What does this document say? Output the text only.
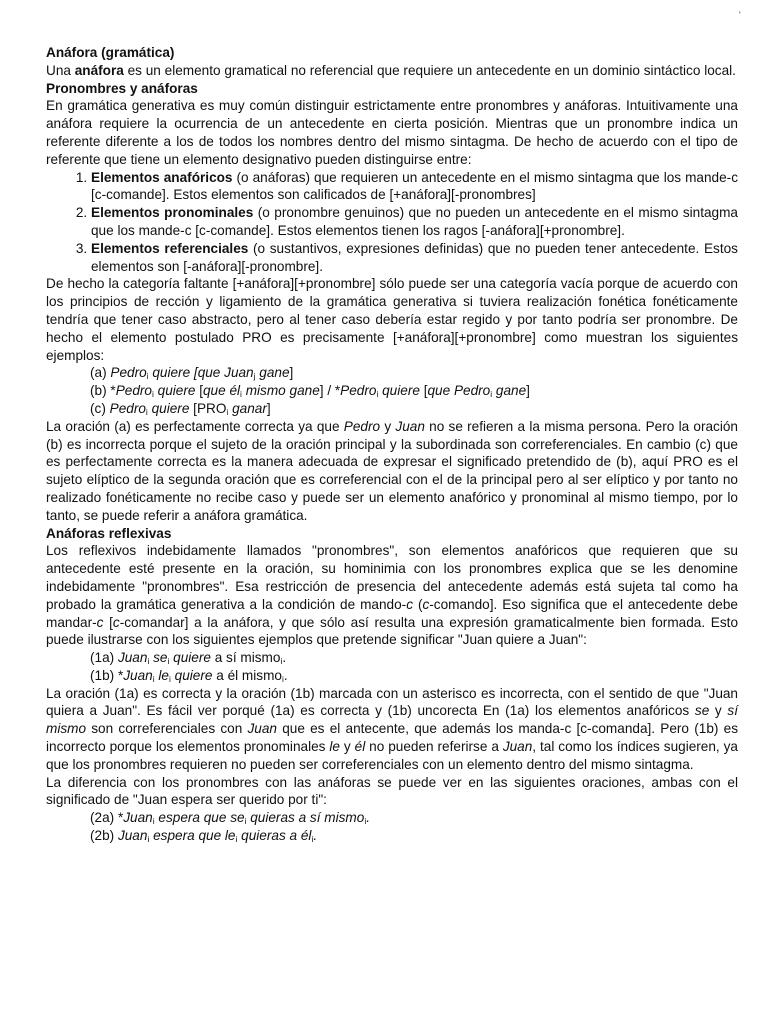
'
Anáfora (gramática)

Una anáfora es un elemento gramatical no referencial que requiere un antecedente en un dominio sintáctico local.

Pronombres y anáforas

En gramática generativa es muy común distinguir estrictamente entre pronombres y anáforas. Intuitivamente una anáfora requiere la ocurrencia de un antecedente en cierta posición. Mientras que un pronombre indica un referente diferente a los de todos los nombres dentro del mismo sintagma. De hecho de acuerdo con el tipo de referente que tiene un elemento designativo pueden distinguirse entre:

1. Elementos anafóricos (o anáforas) que requieren un antecedente en el mismo sintagma que los mande-c [c-comande]. Estos elementos son calificados de [+anáfora][-pronombres]
2. Elementos pronominales (o pronombre genuinos) que no pueden un antecedente en el mismo sintagma que los mande-c [c-comande]. Estos elementos tienen los ragos [-anáfora][+pronombre].
3. Elementos referenciales (o sustantivos, expresiones definidas) que no pueden tener antecedente. Estos elementos son [-anáfora][-pronombre].

De hecho la categoría faltante [+anáfora][+pronombre] sólo puede ser una categoría vacía porque de acuerdo con los principios de rección y ligamiento de la gramática generativa si tuviera realización fonética fonéticamente tendría que tener caso abstracto, pero al tener caso debería estar regido y por tanto podría ser pronombre. De hecho el elemento postulado PRO es precisamente [+anáfora][+pronombre] como muestran los siguientes ejemplos:

(a) Pedro$_i$ quiere [que Juan$_j$ gane]
(b) *Pedro$_i$ quiere [que $él_i$ mismo gane] / *Pedro$_i$ quiere [que Pedro$_i$ gane]
(c) Pedro$_i$ quiere [$PRO_i$ ganar]

La oración (a) es perfectamente correcta ya que Pedro y Juan no se refieren a la misma persona. Pero la oración (b) es incorrecta porque el sujeto de la oración principal y la subordinada son correferenciales. En cambio (c) que es perfectamente correcta es la manera adecuada de expresar el significado pretendido de (b), aquí PRO es el sujeto elíptico de la segunda oración que es correferencial con el de la principal pero al ser elíptico y por tanto no realizado fonéticamente no recibe caso y puede ser un elemento anafórico y pronominal al mismo tiempo, por lo tanto, se puede referir a anáfora gramática.

Anáforas reflexivas

Los reflexivos indebidamente llamados "pronombres", son elementos anafóricos que requieren que su antecedente esté presente en la oración, su hominimia con los pronombres explica que se les denomine indebidamente "pronombres". Esa restricción de presencia del antecedente además está sujeta tal como ha probado la gramática generativa a la condición de mando-c (c-comando]. Eso significa que el antecedente debe mandar-c [c-comandar] a la anáfora, y que sólo así resulta una expresión gramaticalmente bien formada. Esto puede ilustrarse con los siguientes ejemplos que pretende significar "Juan quiere a Juan":

(1a) Juan$_i$ $se_i$ quiere a sí mismo$_i$.
(1b) *Juan$_i$ $le_i$ quiere a él mismo$_i$.

La oración (1a) es correcta y la oración (1b) marcada con un asterisco es incorrecta, con el sentido de que "Juan quiera a Juan". Es fácil ver porqué (1a) es correcta y (1b) uncorecta En (1a) los elementos anafóricos se y sí mismo son correferenciales con Juan que es el antecente, que además los manda-c [c-comanda]. Pero (1b) es incorrecto porque los elementos pronominales le y él no pueden referirse a Juan, tal como los índices sugieren, ya que los pronombres requieren no pueden ser correferenciales con un elemento dentro del mismo sintagma.

La diferencia con los pronombres con las anáforas se puede ver en las siguientes oraciones, ambas con el significado de "Juan espera ser querido por ti":

(2a) *Juan$_i$ espera que $se_i$ quieras a sí mismo$_i$.
(2b) Juan$_i$ espera que $le_i$ quieras a $él_i$.
